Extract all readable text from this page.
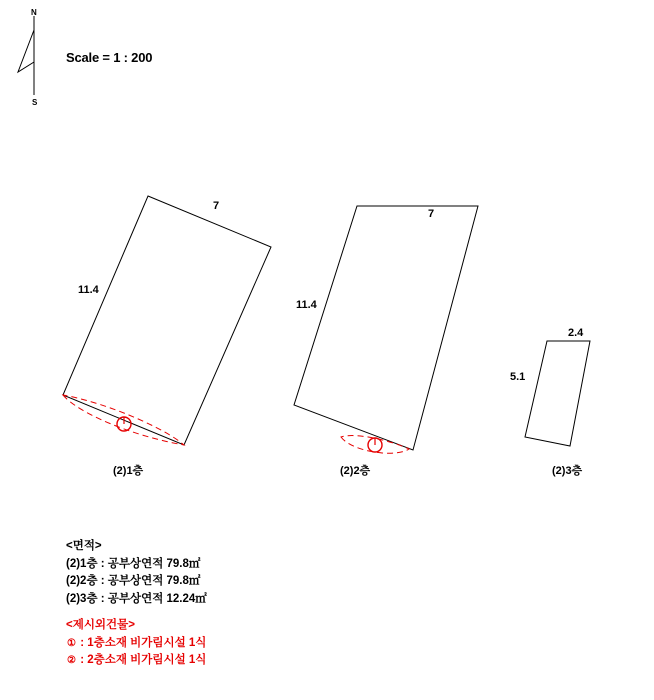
N
S
Scale = 1 : 200
7
11.4
7
11.4
2.4
5.1
(2)1층	(2)2층	(2)3층
<면적>
(2)1층 : 공부상연적 79.8㎡
(2)2층 : 공부상연적 79.8㎡
(2)3층 : 공부상연적 12.24㎡
<제시외건물>
① : 1층소재 비가림시설 1식
② : 2층소재 비가림시설 1식
